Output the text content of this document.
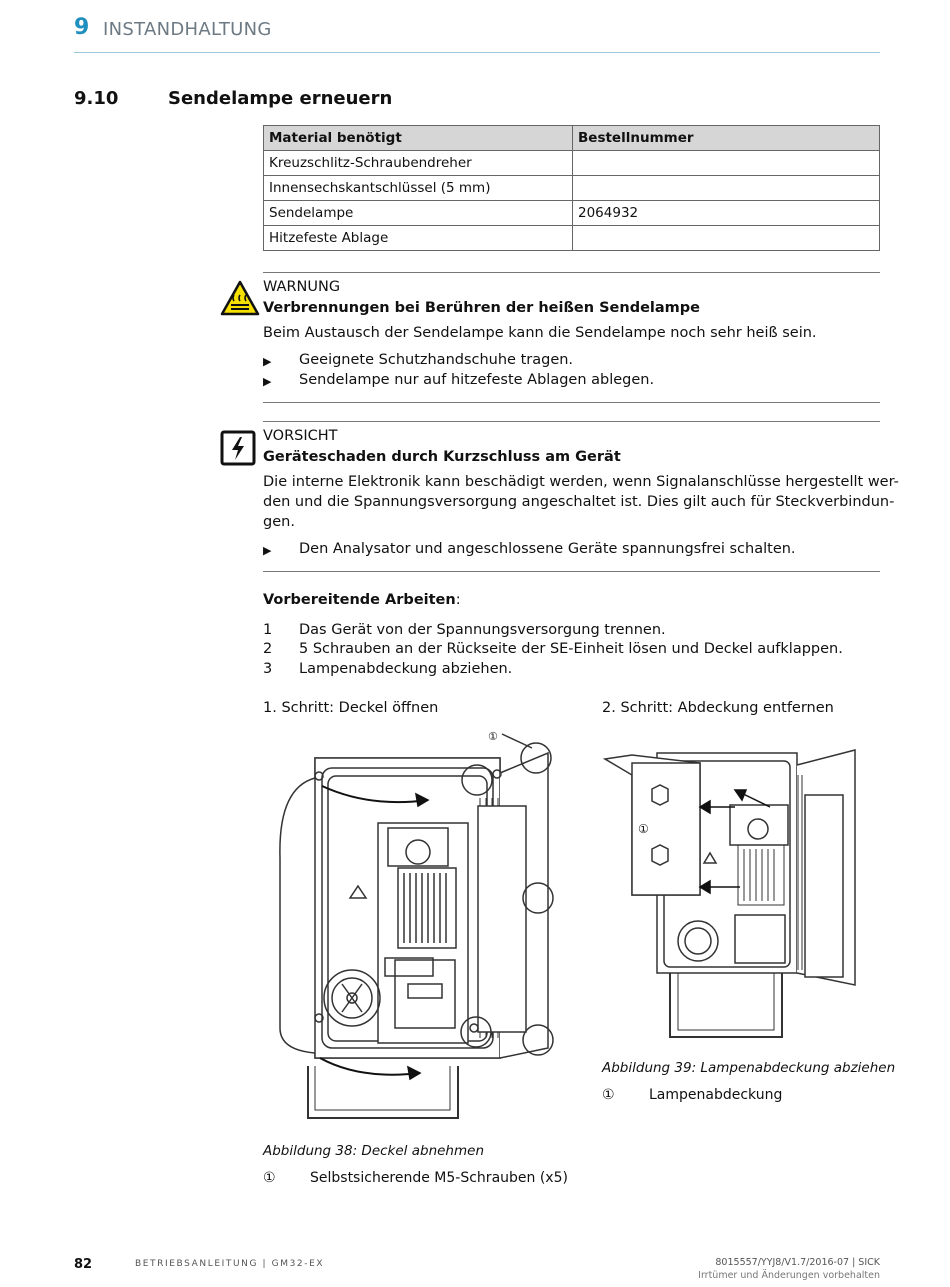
9 INSTANDHALTUNG
9.10	Sendelampe erneuern
Material benötigt	Bestellnummer
Kreuzschlitz-Schraubendreher	
Innensechskantschlüssel (5 mm)	
Sendelampe	2064932
Hitzefeste Ablage	
WARNUNG
Verbrennungen bei Berühren der heißen Sendelampe
Beim Austausch der Sendelampe kann die Sendelampe noch sehr heiß sein.
▶	Geeignete Schutzhandschuhe tragen.
▶	Sendelampe nur auf hitzefeste Ablagen ablegen.
VORSICHT
Geräteschaden durch Kurzschluss am Gerät
Die interne Elektronik kann beschädigt werden, wenn Signalanschlüsse hergestellt wer-
den und die Spannungsversorgung angeschaltet ist. Dies gilt auch für Steckverbindun-
gen.
▶	Den Analysator und angeschlossene Geräte spannungsfrei schalten.
Vorbereitende Arbeiten:
1 Das Gerät von der Spannungsversorgung trennen.
2 5 Schrauben an der Rückseite der SE-Einheit lösen und Deckel aufklappen.
3 Lampenabdeckung abziehen.
1. Schritt: Deckel öffnen
①
Abbildung 38: Deckel abnehmen
① Selbstsicherende M5-Schrauben (x5)
2. Schritt: Abdeckung entfernen
①
Abbildung 39: Lampenabdeckung abziehen
① Lampenabdeckung
82	BETRIEBSANLEITUNG | GM32-EX	8015557/YYJ8/V1.7/2016-07 | SICK
Irrtümer und Änderungen vorbehalten
